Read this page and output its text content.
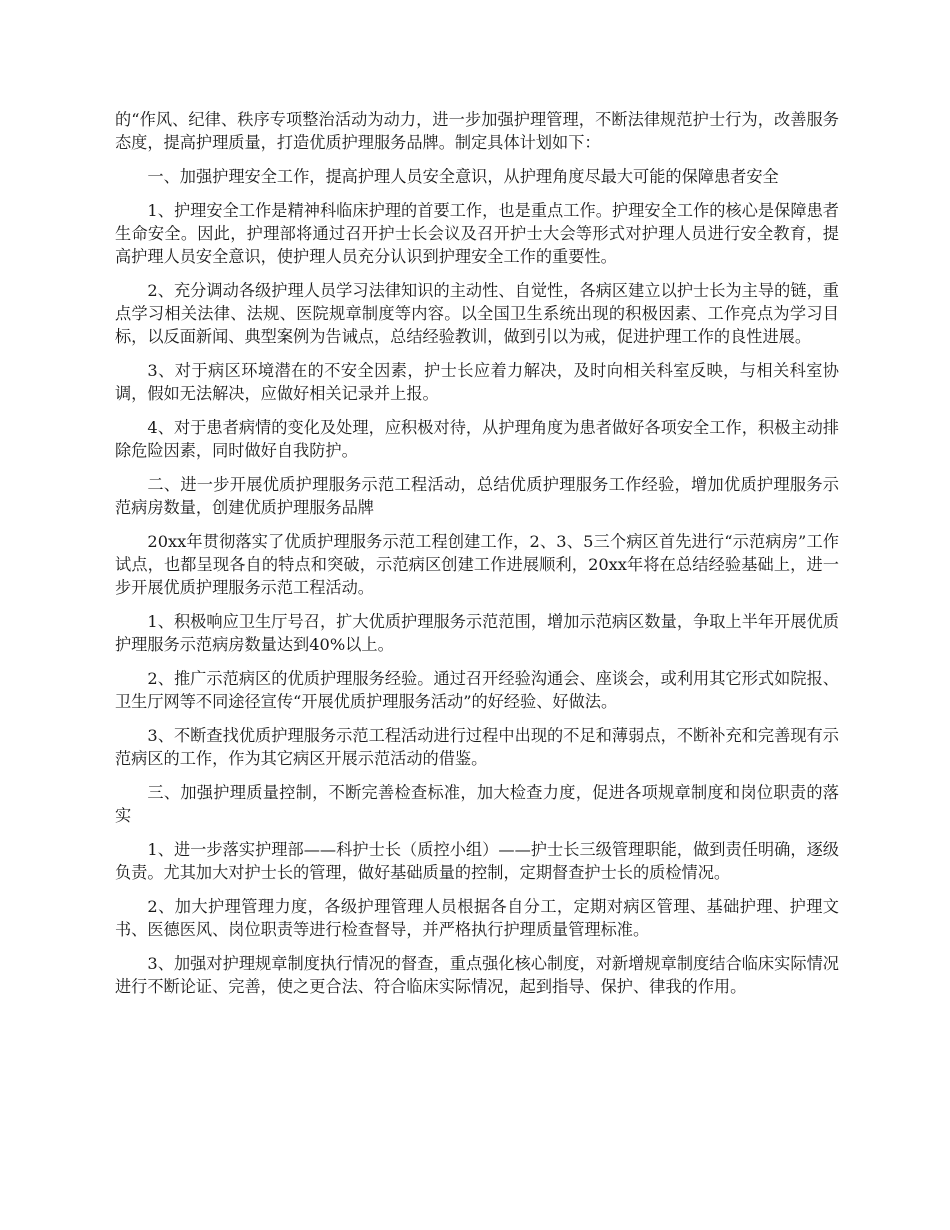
的“作风、纪律、秩序专项整治活动为动力，进一步加强护理管理，不断法律规范护士行为，改善服务态度，提高护理质量，打造优质护理服务品牌。制定具体计划如下：

一、加强护理安全工作，提高护理人员安全意识，从护理角度尽最大可能的保障患者安全

1、护理安全工作是精神科临床护理的首要工作，也是重点工作。护理安全工作的核心是保障患者生命安全。因此，护理部将通过召开护士长会议及召开护士大会等形式对护理人员进行安全教育，提高护理人员安全意识，使护理人员充分认识到护理安全工作的重要性。

2、充分调动各级护理人员学习法律知识的主动性、自觉性，各病区建立以护士长为主导的链，重点学习相关法律、法规、医院规章制度等内容。以全国卫生系统出现的积极因素、工作亮点为学习目标，以反面新闻、典型案例为告诫点，总结经验教训，做到引以为戒，促进护理工作的良性进展。

3、对于病区环境潜在的不安全因素，护士长应着力解决，及时向相关科室反映，与相关科室协调，假如无法解决，应做好相关记录并上报。

4、对于患者病情的变化及处理，应积极对待，从护理角度为患者做好各项安全工作，积极主动排除危险因素，同时做好自我防护。

二、进一步开展优质护理服务示范工程活动，总结优质护理服务工作经验，增加优质护理服务示范病房数量，创建优质护理服务品牌

20xx年贯彻落实了优质护理服务示范工程创建工作，2、3、5三个病区首先进行“示范病房”工作试点，也都呈现各自的特点和突破，示范病区创建工作进展顺利，20xx年将在总结经验基础上，进一步开展优质护理服务示范工程活动。

1、积极响应卫生厅号召，扩大优质护理服务示范范围，增加示范病区数量，争取上半年开展优质护理服务示范病房数量达到40%以上。

2、推广示范病区的优质护理服务经验。通过召开经验沟通会、座谈会，或利用其它形式如院报、卫生厅网等不同途径宣传“开展优质护理服务活动”的好经验、好做法。

3、不断查找优质护理服务示范工程活动进行过程中出现的不足和薄弱点，不断补充和完善现有示范病区的工作，作为其它病区开展示范活动的借鉴。

三、加强护理质量控制，不断完善检查标准，加大检查力度，促进各项规章制度和岗位职责的落实

1、进一步落实护理部——科护士长（质控小组）——护士长三级管理职能，做到责任明确，逐级负责。尤其加大对护士长的管理，做好基础质量的控制，定期督查护士长的质检情况。

2、加大护理管理力度，各级护理管理人员根据各自分工，定期对病区管理、基础护理、护理文书、医德医风、岗位职责等进行检查督导，并严格执行护理质量管理标准。

3、加强对护理规章制度执行情况的督查，重点强化核心制度，对新增规章制度结合临床实际情况进行不断论证、完善，使之更合法、符合临床实际情况，起到指导、保护、律我的作用。
